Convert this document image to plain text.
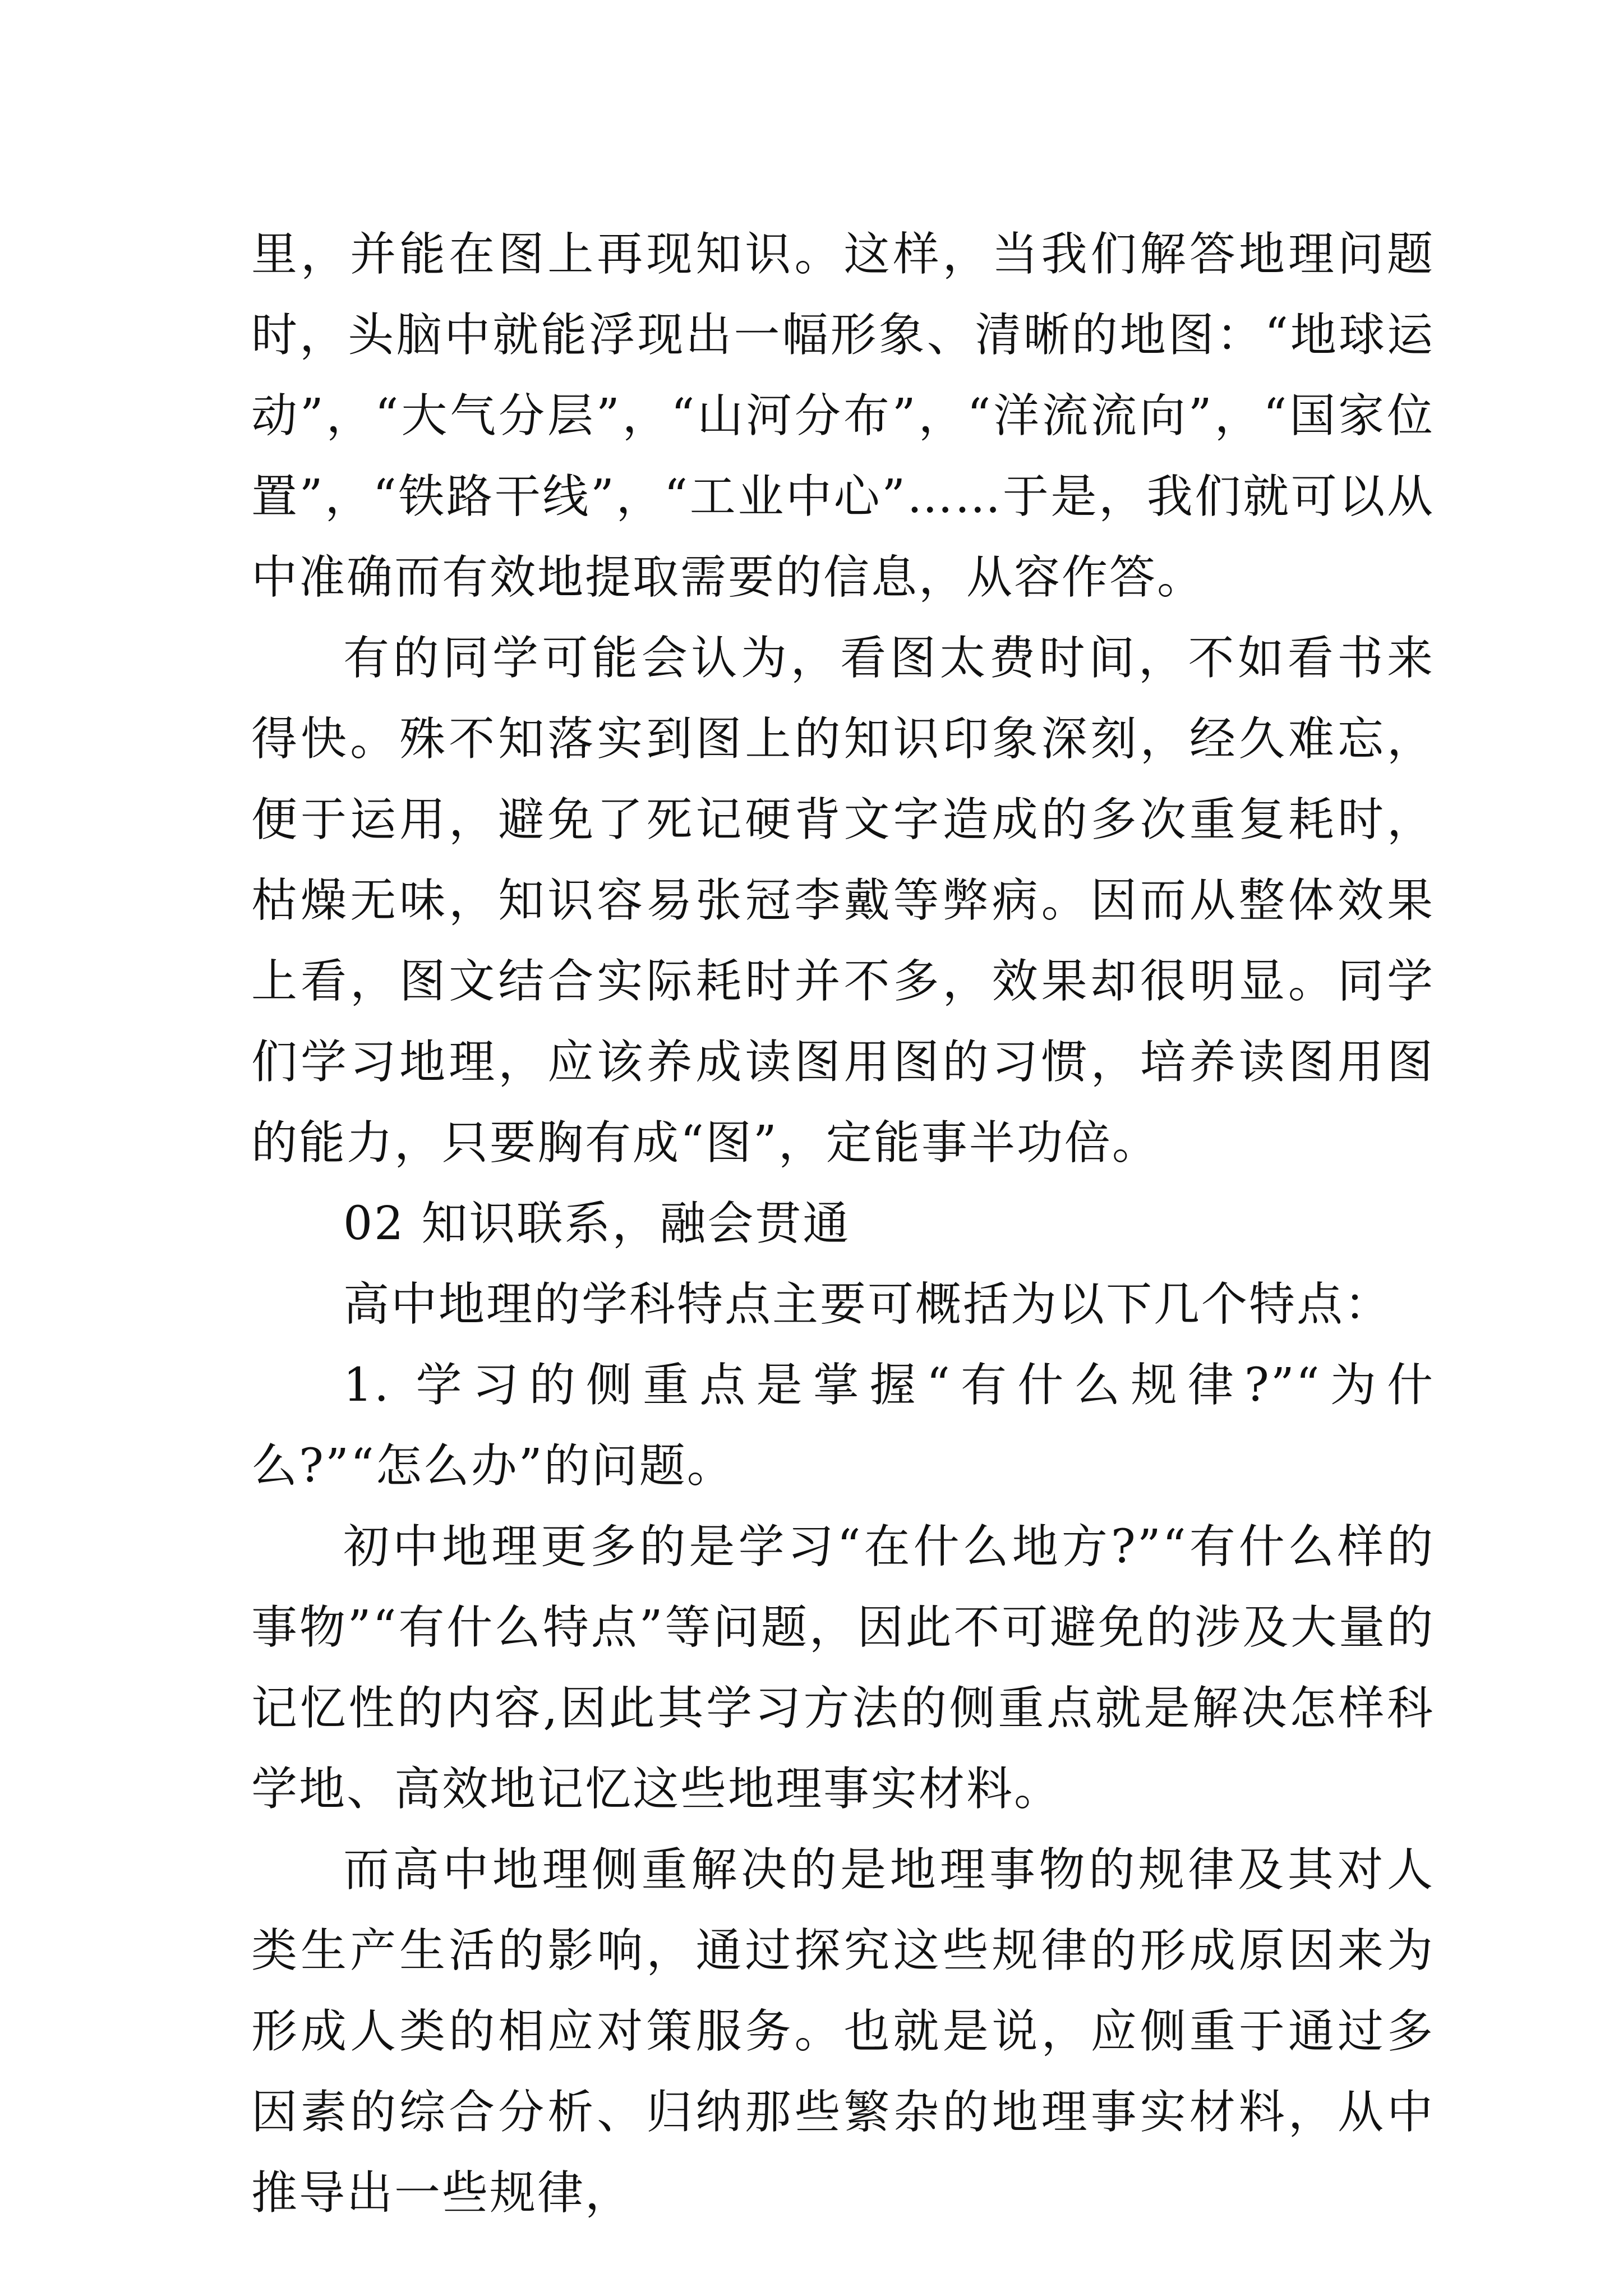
里，并能在图上再现知识。这样，当我们解答地理问题时，头脑中就能浮现出一幅形象、清晰的地图：“地球运动”，“大气分层”，“山河分布”，“洋流流向”，“国家位置”，“铁路干线”，“工业中心”……于是，我们就可以从中准确而有效地提取需要的信息，从容作答。

有的同学可能会认为，看图太费时间，不如看书来得快。殊不知落实到图上的知识印象深刻，经久难忘，便于运用，避免了死记硬背文字造成的多次重复耗时，枯燥无味，知识容易张冠李戴等弊病。因而从整体效果上看，图文结合实际耗时并不多，效果却很明显。同学们学习地理，应该养成读图用图的习惯，培养读图用图的能力，只要胸有成“图”，定能事半功倍。

02 知识联系，融会贯通

高中地理的学科特点主要可概括为以下几个特点：

1. 学习的侧重点是掌握“有什么规律?”“为什么?”“怎么办”的问题。

初中地理更多的是学习“在什么地方?”“有什么样的事物”“有什么特点”等问题，因此不可避免的涉及大量的记忆性的内容,因此其学习方法的侧重点就是解决怎样科学地、高效地记忆这些地理事实材料。

而高中地理侧重解决的是地理事物的规律及其对人类生产生活的影响，通过探究这些规律的形成原因来为形成人类的相应对策服务。也就是说，应侧重于通过多因素的综合分析、归纳那些繁杂的地理事实材料，从中推导出一些规律，
